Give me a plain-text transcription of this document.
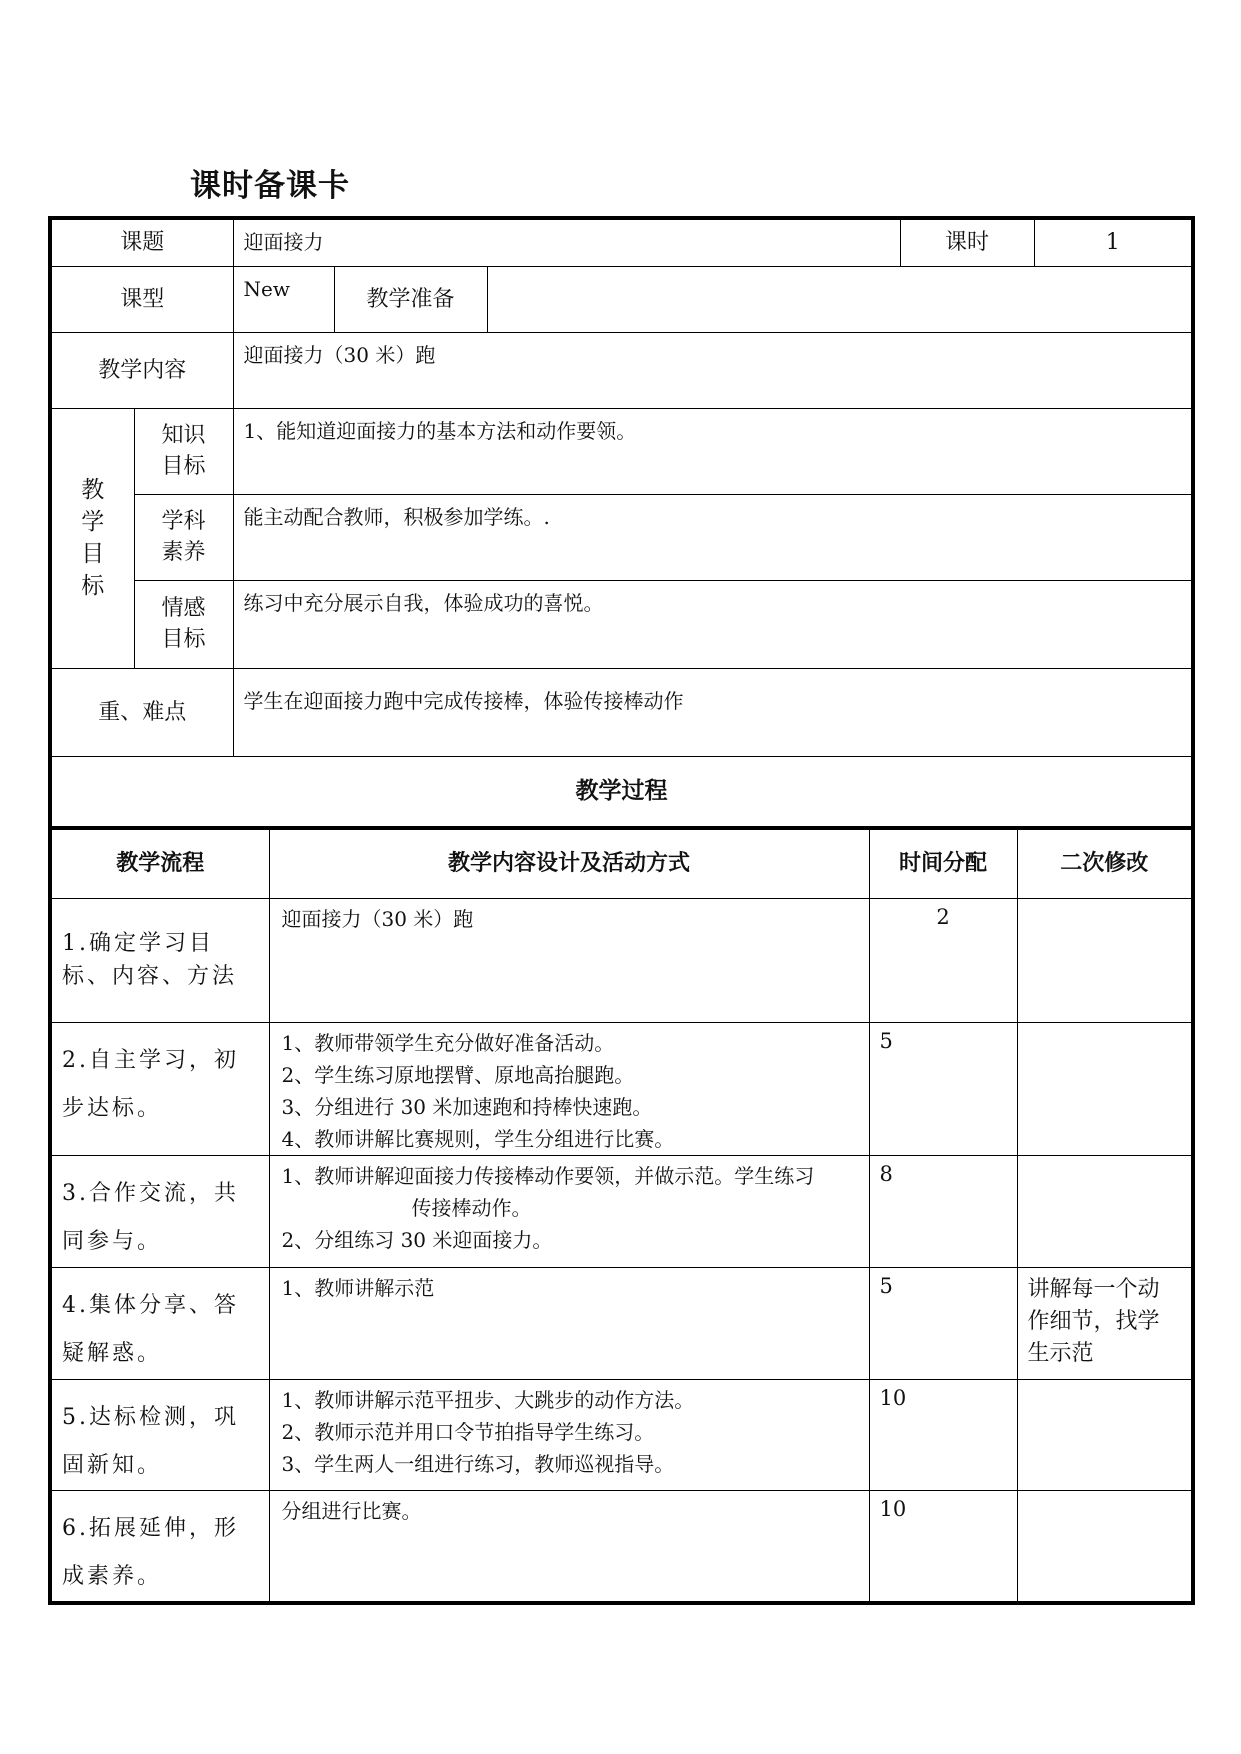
课时备课卡
课题		迎面接力			课时	1
课型		New	教学准备			
教学内容		迎面接力（30 米）跑				

教
学
目
标	知识
目标	1、能知道迎面接力的基本方法和动作要领。				

	学科
素养	能主动配合教师，积极参加学练。.				

	情感
目标	练习中充分展示自我，体验成功的喜悦。				
重、难点		学生在迎面接力跑中完成传接棒，体验传接棒动作				
教学过程						
教学流程	教学内容设计及活动方式	时间分配	二次修改
1.确定学习目标、内容、方法	迎面接力（30 米）跑	2	
2.自主学习，初步达标。	1、教师带领学生充分做好准备活动。
2、学生练习原地摆臂、原地高抬腿跑。
3、分组进行 30 米加速跑和持棒快速跑。
4、教师讲解比赛规则，学生分组进行比赛。	5	
3.合作交流，共同参与。	1、教师讲解迎面接力传接棒动作要领，并做示范。学生练习
传接棒动作。
2、分组练习 30 米迎面接力。	8	
4.集体分享、答疑解惑。	1、教师讲解示范	5	讲解每一个动作细节，找学生示范
5.达标检测，巩固新知。	1、教师讲解示范平扭步、大跳步的动作方法。
2、教师示范并用口令节拍指导学生练习。
3、学生两人一组进行练习，教师巡视指导。	10	
6.拓展延伸，形成素养。	分组进行比赛。	10	
